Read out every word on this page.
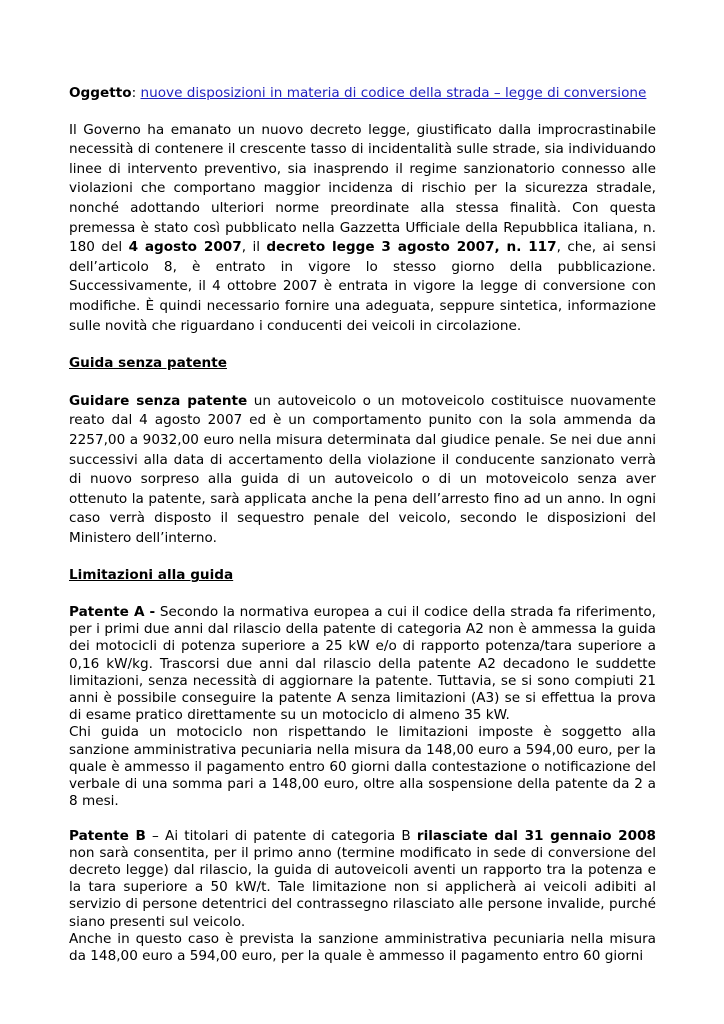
Oggetto: nuove disposizioni in materia di codice della strada – legge di conversione

Il Governo ha emanato un nuovo decreto legge, giustificato dalla improcrastinabile necessità di contenere il crescente tasso di incidentalità sulle strade, sia individuando linee di intervento preventivo, sia inasprendo il regime sanzionatorio connesso alle violazioni che comportano maggior incidenza di rischio per la sicurezza stradale, nonché adottando ulteriori norme preordinate alla stessa finalità. Con questa premessa è stato così pubblicato nella Gazzetta Ufficiale della Repubblica italiana, n. 180 del 4 agosto 2007, il decreto legge 3 agosto 2007, n. 117, che, ai sensi dell’articolo 8, è entrato in vigore lo stesso giorno della pubblicazione. Successivamente, il 4 ottobre 2007 è entrata in vigore la legge di conversione con modifiche. È quindi necessario fornire una adeguata, seppure sintetica, informazione sulle novità che riguardano i conducenti dei veicoli in circolazione.

Guida senza patente

Guidare senza patente un autoveicolo o un motoveicolo costituisce nuovamente reato dal 4 agosto 2007 ed è un comportamento punito con la sola ammenda da 2257,00 a 9032,00 euro nella misura determinata dal giudice penale. Se nei due anni successivi alla data di accertamento della violazione il conducente sanzionato verrà di nuovo sorpreso alla guida di un autoveicolo o di un motoveicolo senza aver ottenuto la patente, sarà applicata anche la pena dell’arresto fino ad un anno. In ogni caso verrà disposto il sequestro penale del veicolo, secondo le disposizioni del Ministero dell’interno.

Limitazioni alla guida

Patente A - Secondo la normativa europea a cui il codice della strada fa riferimento, per i primi due anni dal rilascio della patente di categoria A2 non è ammessa la guida dei motocicli di potenza superiore a 25 kW e/o di rapporto potenza/tara superiore a 0,16 kW/kg. Trascorsi due anni dal rilascio della patente A2 decadono le suddette limitazioni, senza necessità di aggiornare la patente. Tuttavia, se si sono compiuti 21 anni è possibile conseguire la patente A senza limitazioni (A3) se si effettua la prova di esame pratico direttamente su un motociclo di almeno 35 kW.

Chi guida un motociclo non rispettando le limitazioni imposte è soggetto alla sanzione amministrativa pecuniaria nella misura da 148,00 euro a 594,00 euro, per la quale è ammesso il pagamento entro 60 giorni dalla contestazione o notificazione del verbale di una somma pari a 148,00 euro, oltre alla sospensione della patente da 2 a 8 mesi.

Patente B – Ai titolari di patente di categoria B rilasciate dal 31 gennaio 2008 non sarà consentita, per il primo anno (termine modificato in sede di conversione del decreto legge) dal rilascio, la guida di autoveicoli aventi un rapporto tra la potenza e la tara superiore a 50 kW/t. Tale limitazione non si applicherà ai veicoli adibiti al servizio di persone detentrici del contrassegno rilasciato alle persone invalide, purché siano presenti sul veicolo.

Anche in questo caso è prevista la sanzione amministrativa pecuniaria nella misura da 148,00 euro a 594,00 euro, per la quale è ammesso il pagamento entro 60 giorni
